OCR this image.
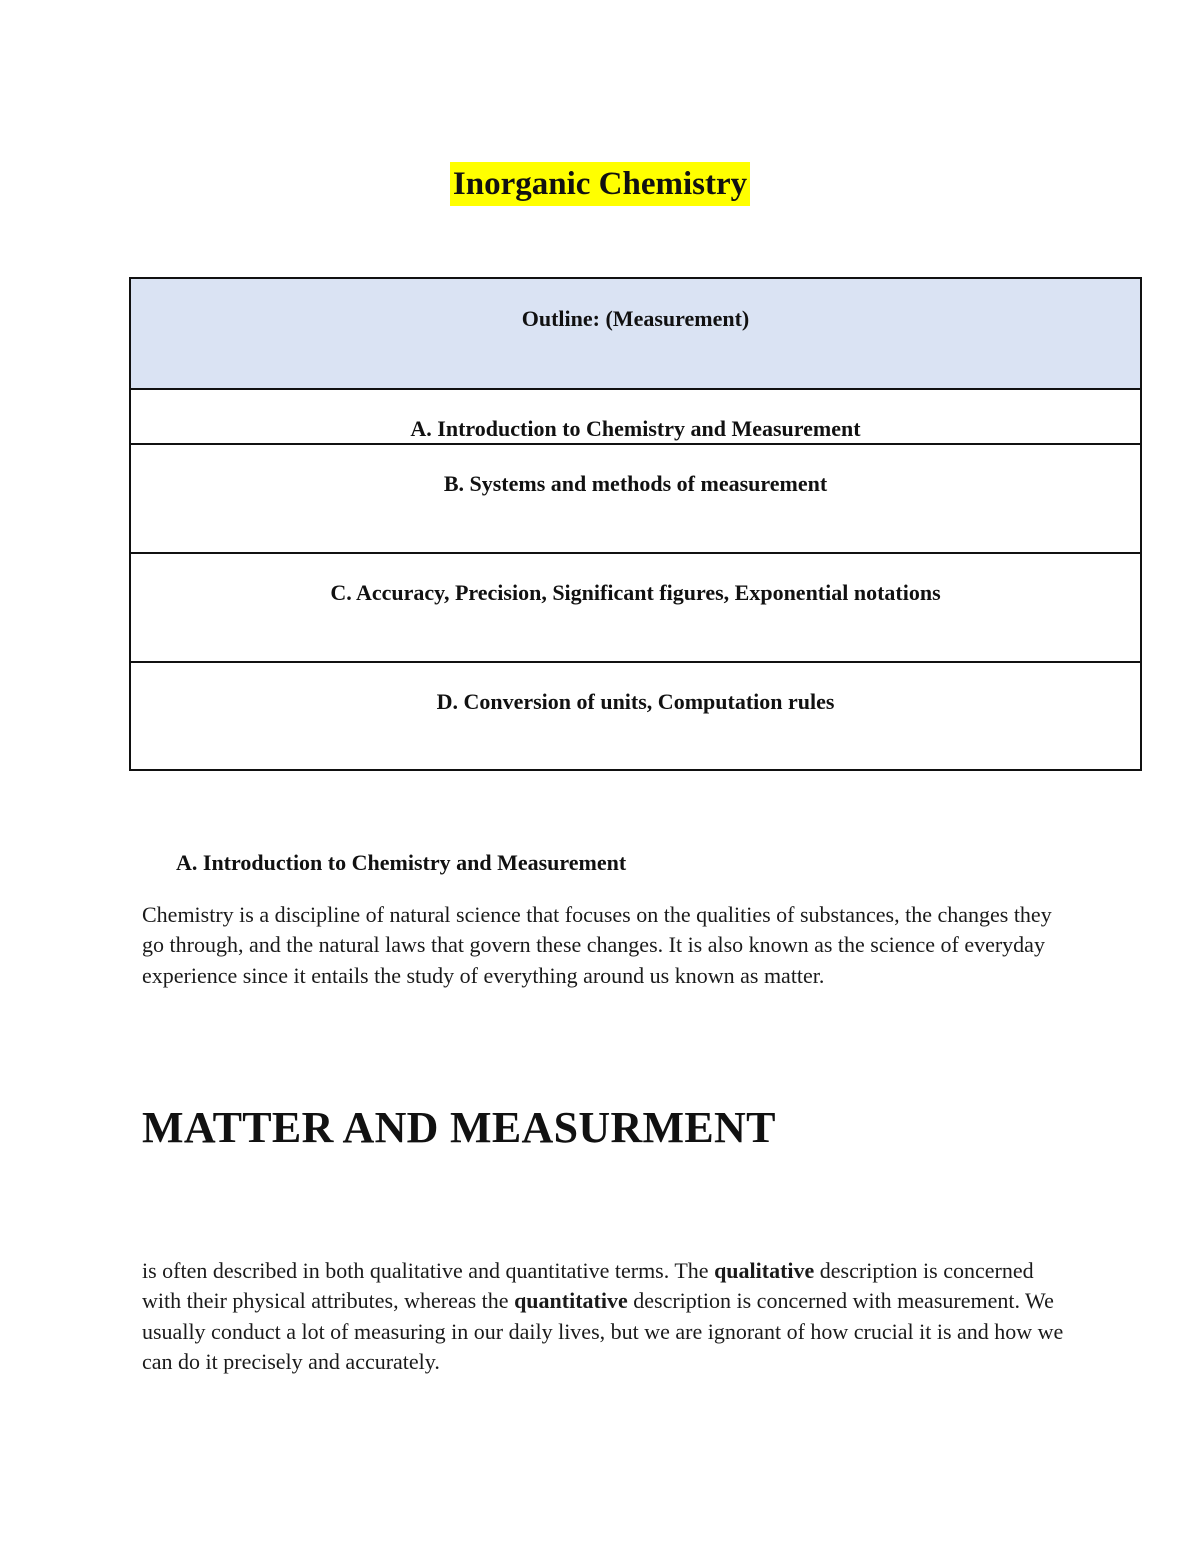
Inorganic Chemistry
Outline: (Measurement)
A. Introduction to Chemistry and Measurement
B. Systems and methods of measurement
C. Accuracy, Precision, Significant figures, Exponential notations
D. Conversion of units, Computation rules
A. Introduction to Chemistry and Measurement
Chemistry is a discipline of natural science that focuses on the qualities of substances, the changes they go through, and the natural laws that govern these changes. It is also known as the science of everyday experience since it entails the study of everything around us known as matter.
MATTER AND MEASURMENT
is often described in both qualitative and quantitative terms. The qualitative description is concerned with their physical attributes, whereas the quantitative description is concerned with measurement. We usually conduct a lot of measuring in our daily lives, but we are ignorant of how crucial it is and how we can do it precisely and accurately.
